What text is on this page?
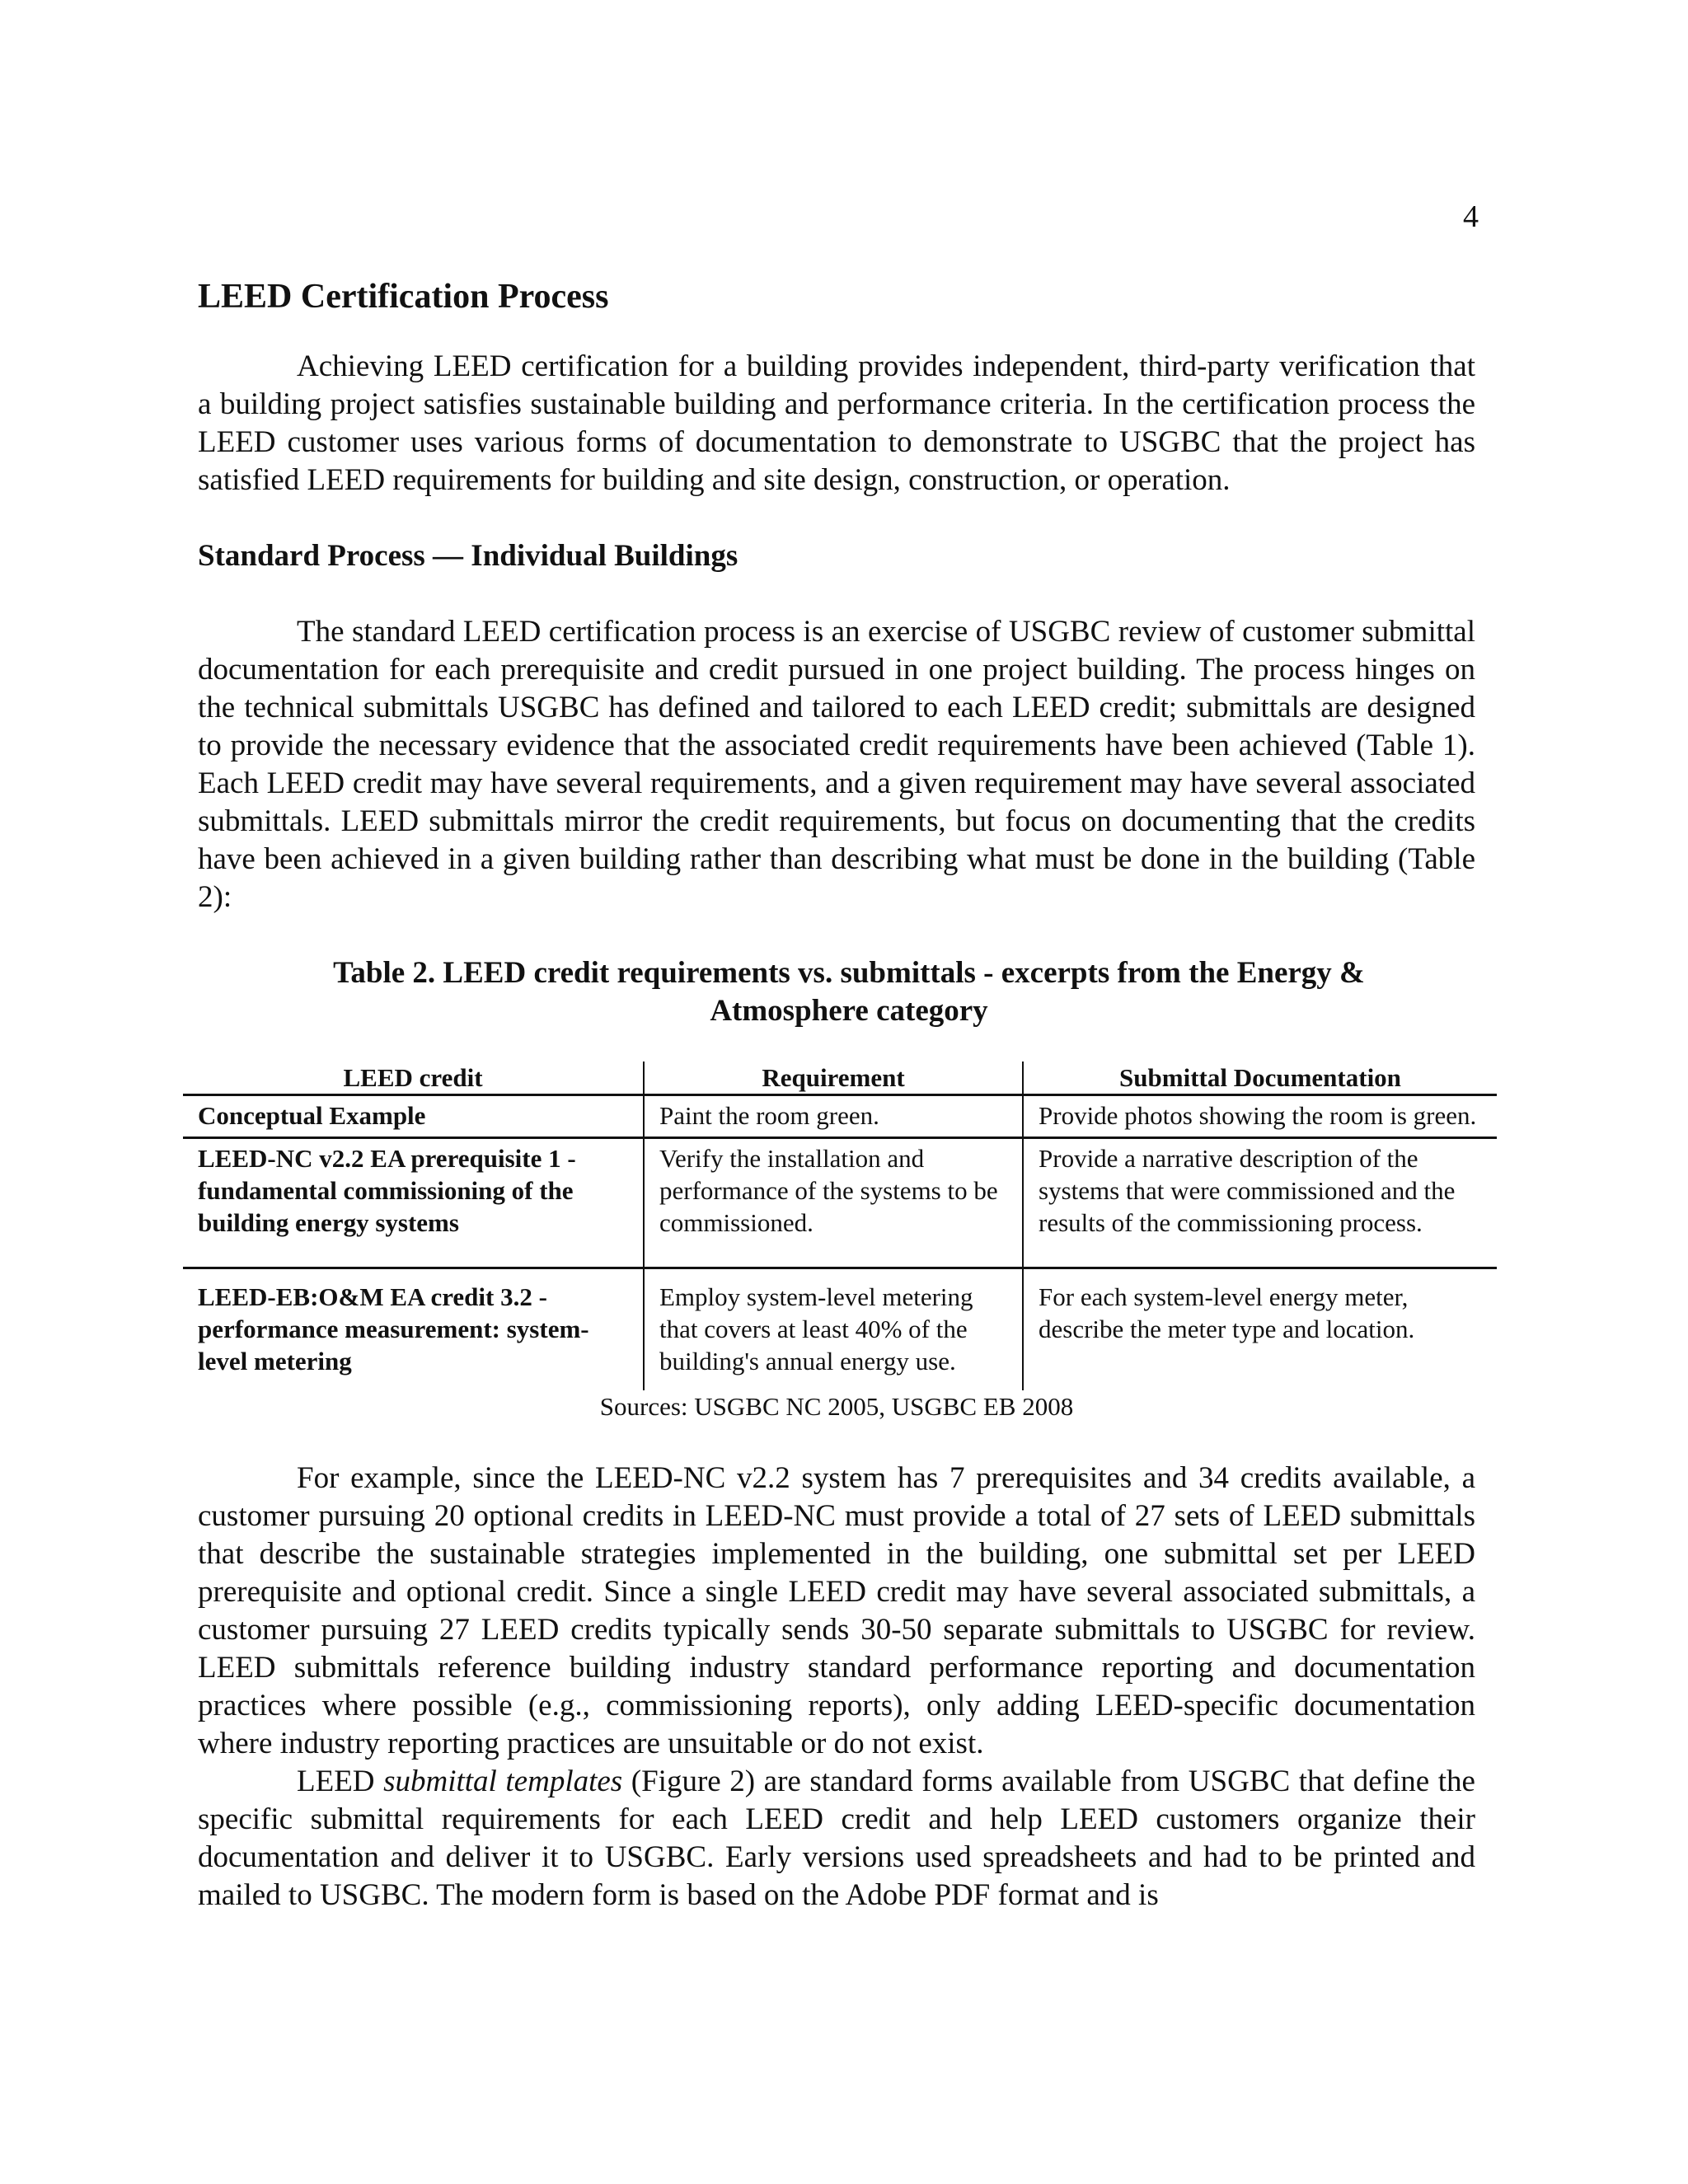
4
LEED Certification Process

Achieving LEED certification for a building provides independent, third-party verification that a building project satisfies sustainable building and performance criteria. In the certification process the LEED customer uses various forms of documentation to demonstrate to USGBC that the project has satisfied LEED requirements for building and site design, construction, or operation.

Standard Process — Individual Buildings

The standard LEED certification process is an exercise of USGBC review of customer submittal documentation for each prerequisite and credit pursued in one project building. The process hinges on the technical submittals USGBC has defined and tailored to each LEED credit; submittals are designed to provide the necessary evidence that the associated credit requirements have been achieved (Table 1). Each LEED credit may have several requirements, and a given requirement may have several associated submittals. LEED submittals mirror the credit requirements, but focus on documenting that the credits have been achieved in a given building rather than describing what must be done in the building (Table 2):

Table 2. LEED credit requirements vs. submittals - excerpts from the Energy &
Atmosphere category

LEED credit	Requirement	Submittal Documentation
Conceptual Example	Paint the room green.	Provide photos showing the room is green.
LEED-NC v2.2 EA prerequisite 1 - fundamental commissioning of the building energy systems	Verify the installation and performance of the systems to be commissioned.	Provide a narrative description of the systems that were commissioned and the results of the commissioning process.
LEED-EB:O&M EA credit 3.2 - performance measurement: system-level metering	Employ system-level metering that covers at least 40% of the building's annual energy use.	For each system-level energy meter, describe the meter type and location.

Sources: USGBC NC 2005, USGBC EB 2008

For example, since the LEED-NC v2.2 system has 7 prerequisites and 34 credits available, a customer pursuing 20 optional credits in LEED-NC must provide a total of 27 sets of LEED submittals that describe the sustainable strategies implemented in the building, one submittal set per LEED prerequisite and optional credit. Since a single LEED credit may have several associated submittals, a customer pursuing 27 LEED credits typically sends 30-50 separate submittals to USGBC for review. LEED submittals reference building industry standard performance reporting and documentation practices where possible (e.g., commissioning reports), only adding LEED-specific documentation where industry reporting practices are unsuitable or do not exist.

LEED submittal templates (Figure 2) are standard forms available from USGBC that define the specific submittal requirements for each LEED credit and help LEED customers organize their documentation and deliver it to USGBC. Early versions used spreadsheets and had to be printed and mailed to USGBC. The modern form is based on the Adobe PDF format and is
